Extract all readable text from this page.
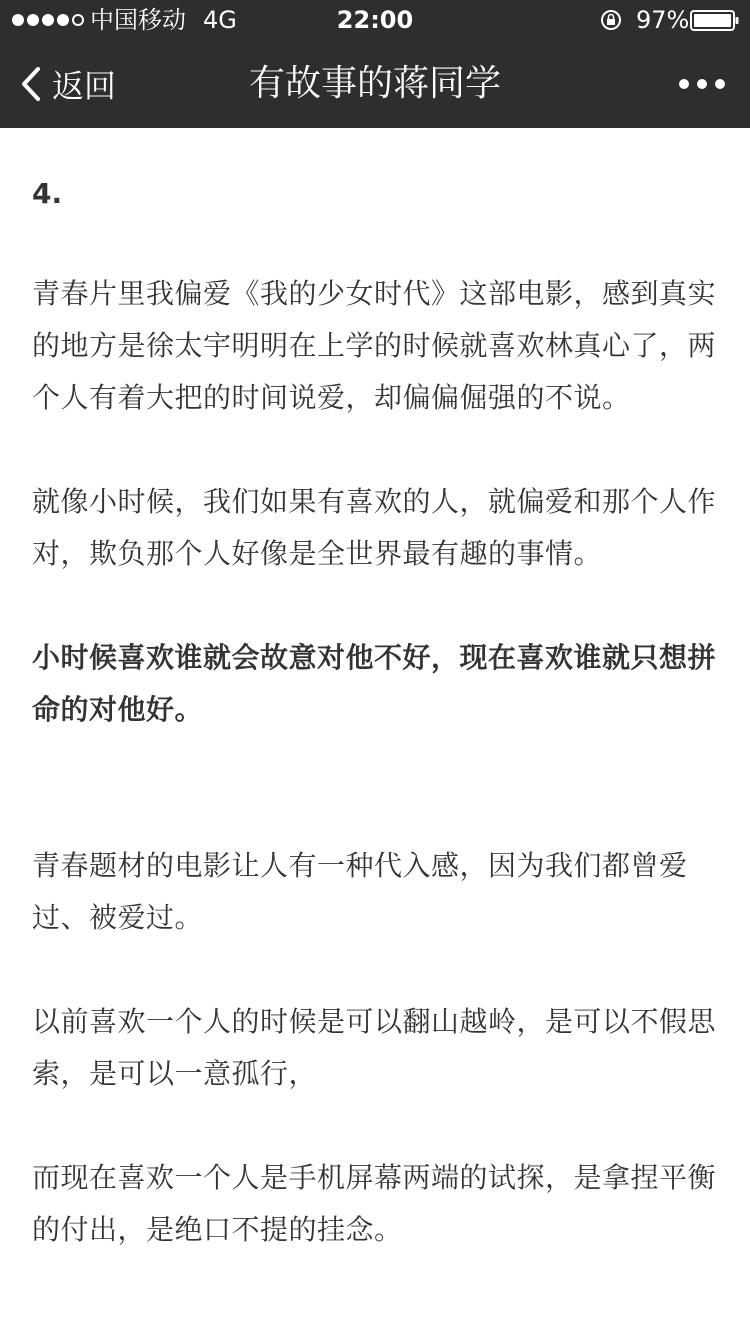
中国移动 4G	22:00	97%
返回	有故事的蒋同学

4.

青春片里我偏爱《我的少女时代》这部电影，感到真实的地方是徐太宇明明在上学的时候就喜欢林真心了，两个人有着大把的时间说爱，却偏偏倔强的不说。

就像小时候，我们如果有喜欢的人，就偏爱和那个人作对，欺负那个人好像是全世界最有趣的事情。

小时候喜欢谁就会故意对他不好，现在喜欢谁就只想拼命的对他好。

青春题材的电影让人有一种代入感，因为我们都曾爱过、被爱过。

以前喜欢一个人的时候是可以翻山越岭，是可以不假思索，是可以一意孤行，

而现在喜欢一个人是手机屏幕两端的试探，是拿捏平衡的付出，是绝口不提的挂念。
